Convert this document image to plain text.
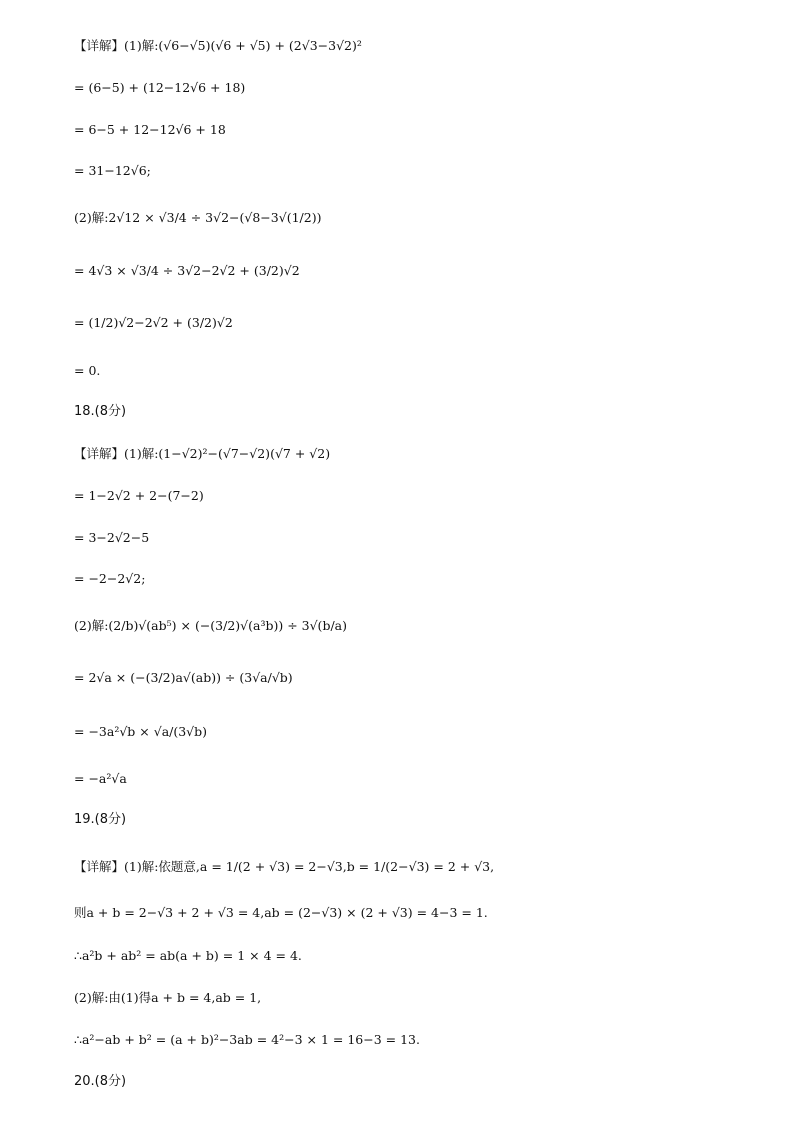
【详解】(1)解:(√6−√5)(√6 + √5) + (2√3−3√2)²
= (6−5) + (12−12√6 + 18)
= 6−5 + 12−12√6 + 18
= 31−12√6;
(2)解:2√12 × √3/4 ÷ 3√2−(√8−3√(1/2))
= 4√3 × √3/4 ÷ 3√2−2√2 + (3/2)√2
= (1/2)√2−2√2 + (3/2)√2
= 0.
18.(8分)
【详解】(1)解:(1−√2)²−(√7−√2)(√7 + √2)
= 1−2√2 + 2−(7−2)
= 3−2√2−5
= −2−2√2;
(2)解:(2/b)√(ab⁵) × (−(3/2)√(a³b)) ÷ 3√(b/a)
= 2√a × (−(3/2)a√(ab)) ÷ (3√a/√b)
= −3a²√b × √a/(3√b)
= −a²√a
19.(8分)
【详解】(1)解:依题意,a = 1/(2 + √3) = 2−√3,b = 1/(2−√3) = 2 + √3,
则a + b = 2−√3 + 2 + √3 = 4,ab = (2−√3) × (2 + √3) = 4−3 = 1.
∴a²b + ab² = ab(a + b) = 1 × 4 = 4.
(2)解:由(1)得a + b = 4,ab = 1,
∴a²−ab + b² = (a + b)²−3ab = 4²−3 × 1 = 16−3 = 13.
20.(8分)
